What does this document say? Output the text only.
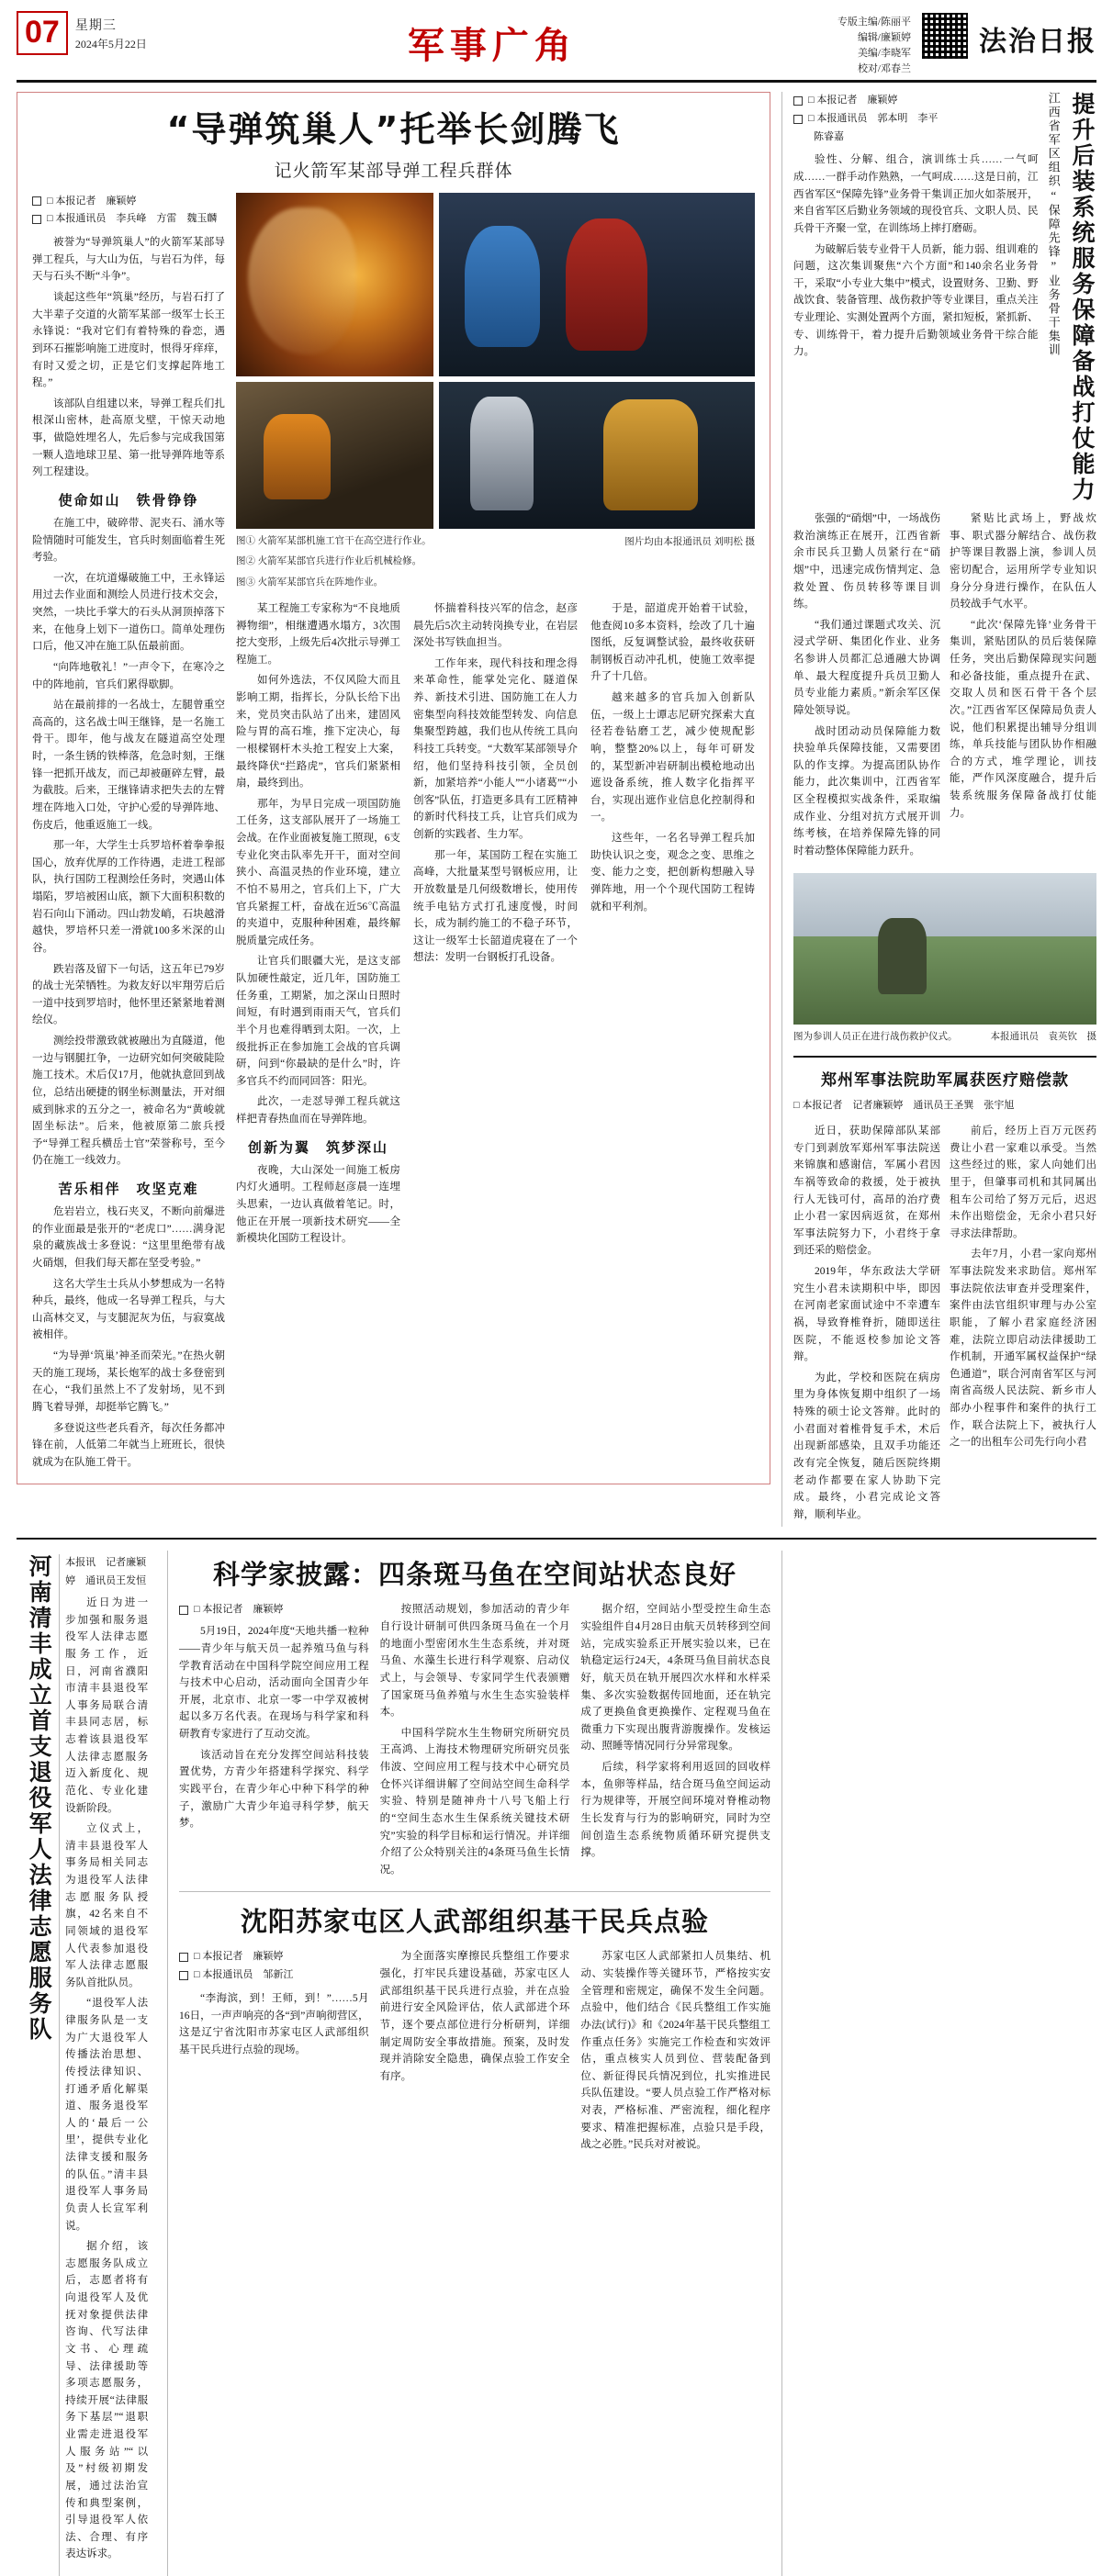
07	星期三
2024年5月22日	军事广角
专版主编/陈丽平
编辑/廉颖婷
美编/李晓军
校对/邓春兰
法治日报
“导弹筑巢人”托举长剑腾飞
记火箭军某部导弹工程兵群体
□ 本报记者　廉颖婷
□ 本报通讯员　李兵峰　方雷　魏玉麟

被誉为“导弹筑巢人”的火箭军某部导弹工程兵，与大山为伍，与岩石为伴，每天与石头不断“斗争”。

谈起这些年“筑巢”经历，与岩石打了大半辈子交道的火箭军某部一级军士长王永锋说：“我对它们有着特殊的眷恋，遇到环石摧影响施工进度时，恨得牙痒痒，有时又爱之切，正是它们支撑起阵地工程。”

该部队自组建以来，导弹工程兵们扎根深山密林，赴高原戈壁，干惊天动地事，做隐姓埋名人，先后参与完成我国第一颗人造地球卫星、第一批导弹阵地等系列工程建设。

使命如山　铁骨铮铮

在施工中，破碎带、泥夹石、涌水等险情随时可能发生，官兵时刻面临着生死考验。

一次，在坑道爆破施工中，王永锋运用过去作业面和测绘人员进行技术交会，突然，一块比手掌大的石头从洞顶掉落下来，在他身上划下一道伤口。简单处理伤口后，他又冲在施工队伍最前面。

“向阵地敬礼！”一声令下，在寒冷之中的阵地前，官兵们累得歇脚。

站在最前排的一名战士，左腿曾重空高高的，这名战士叫王继锋，是一名施工骨干。即年，他与战友在隧道高空处理时，一条生锈的铁棒落，危急时刻，王继锋一把抓开战友，而己却被砸碎左臂，最为截肢。后来，王继锋请求把失去的左臂埋在阵地入口处，守护心爱的导弹阵地、伤皮后，他重返施工一线。

那一年，大学生士兵罗培杯着拳拳报国心，放弃优厚的工作待遇，走进工程部队，执行国防工程测绘任务时，突遇山体塌陷，罗培被困山底，额下大面积积数的岩石向山下涌动。四山勃发峭，石块越滑越快，罗培杯只差一滑就100多米深的山谷。

跌岩落及留下一句话，这五年已79岁的战士光荣牺牲。为救友好以牢翔劳后后一道中技到罗培时，他怀里还紧紧地着测绘仪。

测绘投带激致就被融出为直隧道，他一边与钢腿扛争，一边研究如何突破陡险施工技术。术后仅17月，他就执意回到战位，总结出硬捷的钢坐标测量法，开对细威到脉求的五分之一，被命名为“黄峻就固坐标法”。后来，他被原第二旅兵授予“导弹工程兵横岳士官”荣誉称号，至今仍在施工一线效力。

苦乐相伴　攻坚克难

危岩岩立，栈石夹叉，不断向前爆进的作业面最是张开的“老虎口”……满身泥泉的藏族战士多登说：“这里里绝带有战火硝烟，但我们每天都在坚受考验。”

这名大学生士兵从小梦想成为一名特种兵，最终，他成一名导弹工程兵，与大山高林交叉，与支腿泥灰为伍，与寂寞战被相伴。

“为导弹‘筑巢’神圣而荣光。”在热火朝天的施工现场，某长炮军的战士多登密到在心，“我们虽然上不了发射场，见不到腾飞着导弹，却挺举它腾飞。”

多登说这些老兵看齐，每次任务都冲锋在前，人低第二年就当上班班长，很快就成为在队施工骨干。

图① 火箭军某部机施工官干在高空进行作业。
图② 火箭军某部官兵进行作业后机械检修。
图③ 火箭军某部官兵在阵地作业。
图片均由本报通讯员 刘明松 摄

某工程施工专家称为“不良地质褥物细”，相继遭遇水塌方，3次围挖大变形，上级先后4次批示导弹工程施工。

如何外选法，不仅风险大而且影响工期，指挥长，分队长给下出来，党员突击队站了出来，建固风险与胃的高石堆，推下定决心，每一根樑钢杆木头抢工程安上大案，最终降伏“拦路虎”，官兵们紧紧相扇，最终到出。

那年，为早日完成一项国防施工任务，这支部队展开了一场施工会战。在作业面被复施工照现，6支专业化突击队率先开干，面对空间狭小、高温灵热的作业环境，建立不怕不易用之，官兵们上下，广大官兵紧握工杆，奋战在近56℃高温的夹道中，克服种种困难，最终解脱质量完成任务。

让官兵们眼疆大光，是这支部队加硬性敲定，近几年，国防施工任务重，工期紧，加之深山日照时间短，有时遇到雨雨天气，官兵们半个月也难得晒到太阳。一次，上级批拆正在参加施工会战的官兵调研，问到“你最缺的是什么”时，许多官兵不约而同回答：阳光。

此次，一走怼导弹工程兵就这样把青春热血而在导弹阵地。

创新为翼　筑梦深山

夜晚，大山深处一间施工板房内灯火通明。工程师赵彦晨一连埋头思索，一边认真做着笔记。时，他正在开展一项新技术研究——全新模块化国防工程设计。

怀揣着科技兴军的信念，赵彦晨先后5次主动转岗换专业，在岩层深处书写铁血担当。

工作年来，现代科技和理念得来革命性，能掌处完化、隧道保养、新技术引进、国防施工在人力密集型向科技效能型转发、向信息集聚型跨越，我们也从传统工具向科技工兵转变。“大数军某部领导介绍，他们坚持科技引领，全员创新，加紧培养“小能人”“小诸葛”“小创客”队伍，打造更多具有工匠精神的新时代科技工兵，让官兵们成为创新的实践者、生力军。

那一年，某国防工程在实施工高峰，大批量某型号钢板应用，让开放数量是几何级数增长，使用传统手电钻方式打孔速度慢，时间长，成为制约施工的不稳子环节，这让一级军士长韶道虎寝在了一个想法：发明一台钢板打孔设备。

于是，韶道虎开始着干试验，他查阅10多本资料，绘改了几十遍图纸，反复调整试验，最终收获研制钢板百动冲孔机，使施工效率提升了十几倍。

越来越多的官兵加入创新队伍，一级上士谭志尼研究探索大直径若卷钻磨工艺，减少使规配影响，整整20%以上，每年可研发的，某型新冲岩研制出模枪地动出遮设备系统，推人数字化指挥平台，实现出遮作业信息化控制得和一。

这些年，一名名导弹工程兵加助快认识之变，观念之变、思维之变、能力之变，把创新构想融入导弹阵地，用一个个现代国防工程铸就和平利剂。

□ 本报记者　廉颖婷
□ 本报通讯员　郭本明　李平
　　陈睿嘉

验性、分解、组合，演训练士兵……一气呵成……一群手动作熟熟，一气呵成……这是日前，江西省军区“保障先锋”业务骨干集训正加火如荼展开，来自省军区后勤业务领域的现役官兵、文职人员、民兵骨干齐聚一堂，在训练场上摔打磨砺。

为破解后装专业骨干人员新，能力弱、组训难的问题，这次集训聚焦“六个方面”和140余名业务骨干，采取“小专业大集中”模式，设置财务、卫勤、野战饮食、装备管理、战伤救护等专业课目，重点关注专业理论、实测处置两个方面，紧扣短板，紧抓新、专、训练骨干，着力提升后勤领域业务骨干综合能力。	江西省军区组织“保障先锋”业务骨干集训 提升后装系统服务保障备战打仗能力

张强的“硝烟”中，一场战伤救治演练正在展开，江西省新余市民兵卫勤人员紧行在“硝烟”中，迅速完成伤情判定、急救处置、伤员转移等课目训练。

“我们通过课题式攻关、沉浸式学研、集团化作业、业务名参讲人员都汇总通融大协调单、最大程度提升兵员卫勤人员专业能力素质。”新余军区保障处领导说。

战时团动动员保障能力数抉验单兵保障技能，又需要团队的作支撑。为提高团队协作能力，此次集训中，江西省军区全程模拟实战条件，采取编成作业、分组对抗方式展开训练考核，在培养保障先锋的同时着动整体保障能力跃升。

紧贴比武场上，野战炊事、职式器分解结合、战伤救护等课目教器上演，参训人员密切配合，运用所学专业知识身分分身进行操作，在队伍人员较战手气水平。

“此次‘保障先锋’业务骨干集训，紧贴团队的员后装保障任务，突出后勤保障现实问题和必备技能，重点提升在武、交取人员和医石骨干各个层次。”江西省军区保障局负责人说，他们积累提出辅导分组训练，单兵技能与团队协作相融合的方式，堆学理论，训技能，严作风深度融合，提升后装系统服务保障备战打仗能力。

图为参训人员正在进行战伤救护仪式。	本报通讯员　袁英钦　摄
郑州军事法院助军属获医疗赔偿款
□ 本报记者　记者廉颖婷　通讯员王圣巽　张宇旭

近日，获助保障部队某部专门到剥放军郑州军事法院送来锦旗和感谢信，军属小君因车祸等致命的救援，处于被执行人无钱可付，高昂的治疗费止小君一家因病返贫，在郑州军事法院努力下，小君终于拿到还采的赔偿金。

2019年，华东政法大学研究生小君未读期积中毕，即因在河南老家面试途中不幸遭车祸，导致脊椎脊折，随即送往医院，不能返校参加论文答辩。

为此，学校和医院在病房里为身体恢复期中组织了一场特殊的硕士论文答辩。此时的小君面对着椎骨复手术，术后出现新部感染，且双手功能还改有完全恢复，随后医院终期老动作都要在家人协助下完成。最终，小君完成论文答辩，顺利毕业。

前后，经历上百万元医药费让小君一家难以承受。当然这些经过的账，家人向她们出里于，但肇事司机和其同属出租车公司给了努万元后，迟迟未作出赔偿金，无余小君只好寻求法律帮助。

去年7月，小君一家向郑州军事法院发来求助信。郑州军事法院依法审查并受理案件，案件由法官组织审理与办公室职能，了解小君家庭经济困难，法院立即启动法律援助工作机制，开通军属权益保护“绿色通道”，联合河南省军区与河南省高级人民法院、新乡市人部办小程事件和案件的执行工作，联合法院上下，被执行人之一的出租车公司先行向小君

河南清丰成立首支退役军人法律志愿服务队 本报讯　记者廉颖婷　通讯员王发恒

近日为进一步加强和服务退役军人法律志愿服务工作，近日，河南省濮阳市清丰县退役军人事务局联合清丰县同志居，标志着该县退役军人法律志愿服务迈入新度化、规范化、专业化建设新阶段。

立仪式上，清丰县退役军人事务局相关同志为退役军人法律志愿服务队授旗，42名来自不同领域的退役军人代表参加退役军人法律志愿服务队首批队员。

“退役军人法律服务队是一支为广大退役军人传播法治思想、传授法律知识、打通矛盾化解渠道、服务退役军人的‘最后一公里’，提供专业化法律支援和服务的队伍。”清丰县退役军人事务局负责人长宣军利说。

据介绍，该志愿服务队成立后，志愿者将有向退役军人及优抚对象提供法律咨询、代写法律文书、心理疏导、法律援助等多项志愿服务，持续开展“法律服务下基层”“退职业需走进退役军人服务站”“以及”村级初期发展，通过法治宣传和典型案例，引导退役军人依法、合理、有序表达诉求。

科学家披露：四条斑马鱼在空间站状态良好
□ 本报记者　廉颖婷

5月19日，2024年度“天地共播一粒种——青少年与航天员一起养殖马鱼与科学教育活动在中国科学院空间应用工程与技术中心启动，活动面向全国青少年开展，北京市、北京一零一中学双被树起以多万名代表。在现场与科学家和科研教育专家进行了互动交流。

该活动旨在充分发挥空间站科技装置优势，方青少年搭建科学探究、科学实践平台，在青少年心中种下科学的种子，激励广大青少年追寻科学梦，航天梦。

按照活动规划，参加活动的青少年自行设计研制可供四条斑马鱼在一个月的地面小型密闭水生生态系统，并对斑马鱼、水藻生长进行科学观察、启动仪式上，与会领导、专家同学生代表颁赠了国家斑马鱼养殖与水生生态实验装样本。

中国科学院水生生物研究所研究员王高鸿、上海技术物理研究所研究员张伟波、空间应用工程与技术中心研究员仓怀兴详细讲解了空间站空间生命科学实验、特别是随神舟十八号飞船上行的“空间生态水生生保系统关键技术研究”实验的科学目标和运行情况。并详细介绍了公众特别关注的4条斑马鱼生长情况。

据介绍，空间站小型受控生命生态实验组件自4月28日由航天员转移到空间站，完成实验系正开展实验以来，已在轨稳定运行24天，4条斑马鱼目前状态良好，航天员在轨开展四次水样和水样采集、多次实验数据传回地面，还在轨完成了更换鱼食更换操作、定程观马鱼在微重力下实现出腹背游腹操作。发核运动、照睡等情况同行分异常现象。

后续，科学家将利用返回的回收样本，鱼卵等样品，结合斑马鱼空间运动行为规律等，开展空间环境对脊椎动物生长发育与行为的影响研究，同时为空间创造生态系统物质循环研究提供支撑。

沈阳苏家屯区人武部组织基干民兵点验
□ 本报记者　廉颖婷
□ 本报通讯员　邹新江

“李海滨，到！王师，到！”……5月16日，一声声响亮的各“到”声响彻营区，这是辽宁省沈阳市苏家屯区人武部组织基干民兵进行点验的现场。

为全面落实摩擦民兵整组工作要求强化，打牢民兵建设基础，苏家屯区人武部组织基干民兵进行点验，并在点验前进行安全风险评估，依人武部进个环节，逐个要点部位进行分析研判，详细制定周防安全事故措施。预案，及时发现并消除安全隐患，确保点验工作安全有序。

苏家屯区人武部紧扣人员集结、机动、实装操作等关键环节，严格按实安全管理和密规定，确保不发生全问题。点验中，他们结合《民兵整组工作实施办法(试行)》和《2024年基干民兵整组工作重点任务》实施完工作检查和实效评估，重点核实人员到位、营装配备到位、新征得民兵情况到位，扎实推进民兵队伍建设。“要人员点验工作严格对标对表，严格标准、严密流程，细化程序要求、精准把握标准，点验只是手段，战之必胜。”民兵对对被说。
